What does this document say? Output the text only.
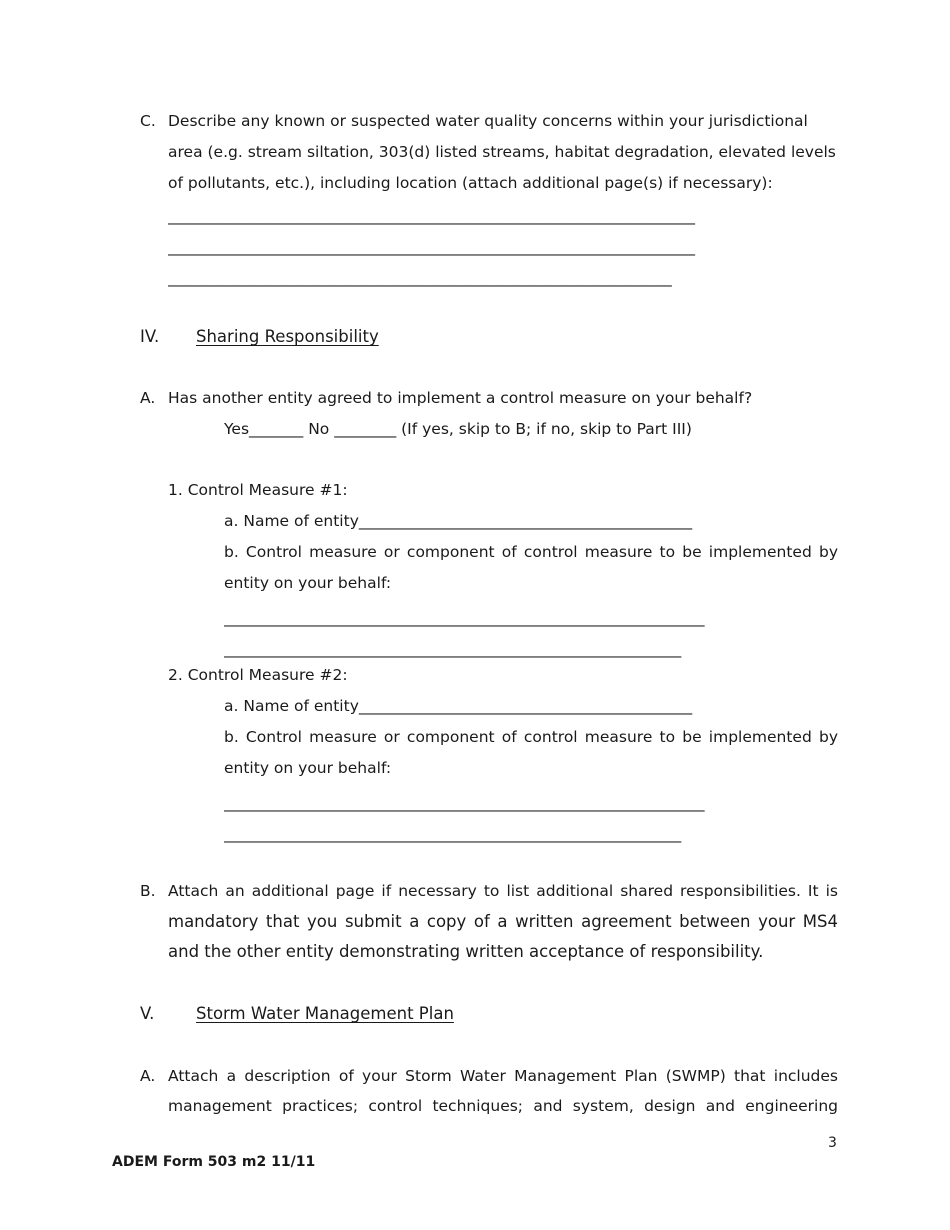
C. Describe any known or suspected water quality concerns within your jurisdictional
area (e.g. stream siltation, 303(d) listed streams, habitat degradation, elevated levels
of pollutants, etc.), including location (attach additional page(s) if necessary):
____________________________________________________________________
____________________________________________________________________
_________________________________________________________________
IV. Sharing Responsibility
A. Has another entity agreed to implement a control measure on your behalf?
Yes_______ No ________ (If yes, skip to B; if no, skip to Part III)
1. Control Measure #1:
a. Name of entity___________________________________________
b. Control measure or component of control measure to be implemented by
entity on your behalf:
______________________________________________________________
___________________________________________________________
2. Control Measure #2:
a. Name of entity___________________________________________
b. Control measure or component of control measure to be implemented by
entity on your behalf:
______________________________________________________________
___________________________________________________________
B. Attach an additional page if necessary to list additional shared responsibilities. It is
mandatory that you submit a copy of a written agreement between your MS4
and the other entity demonstrating written acceptance of responsibility.
V.	Storm Water Management Plan
A. Attach a description of your Storm Water Management Plan (SWMP) that includes
management practices; control techniques; and system, design and engineering
3
ADEM Form 503 m2 11/11
